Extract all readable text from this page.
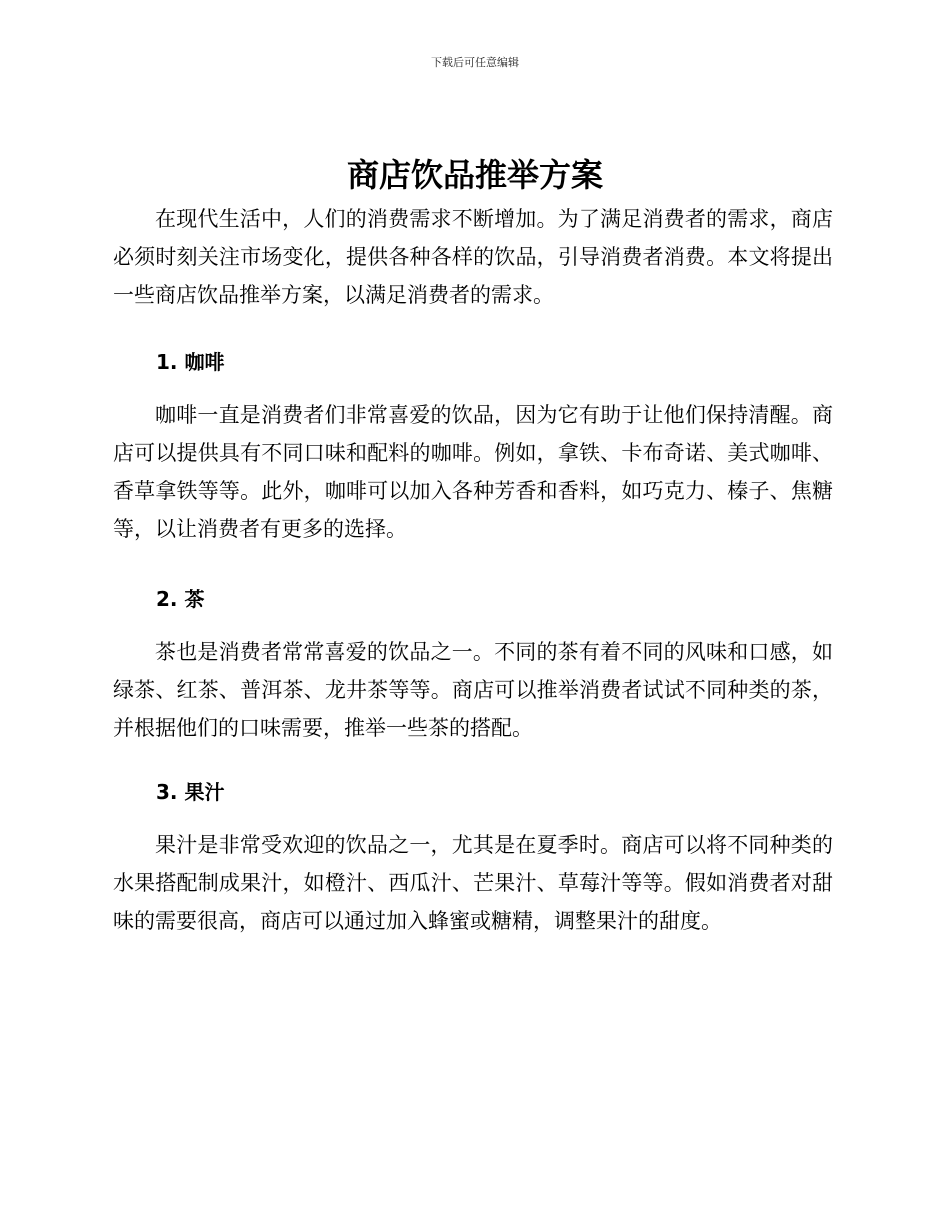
下载后可任意编辑
商店饮品推举方案

在现代生活中，人们的消费需求不断增加。为了满足消费者的需求，商店必须时刻关注市场变化，提供各种各样的饮品，引导消费者消费。本文将提出一些商店饮品推举方案，以满足消费者的需求。

1. 咖啡

咖啡一直是消费者们非常喜爱的饮品，因为它有助于让他们保持清醒。商店可以提供具有不同口味和配料的咖啡。例如，拿铁、卡布奇诺、美式咖啡、香草拿铁等等。此外，咖啡可以加入各种芳香和香料，如巧克力、榛子、焦糖等，以让消费者有更多的选择。

2. 茶

茶也是消费者常常喜爱的饮品之一。不同的茶有着不同的风味和口感，如绿茶、红茶、普洱茶、龙井茶等等。商店可以推举消费者试试不同种类的茶，并根据他们的口味需要，推举一些茶的搭配。

3. 果汁

果汁是非常受欢迎的饮品之一，尤其是在夏季时。商店可以将不同种类的水果搭配制成果汁，如橙汁、西瓜汁、芒果汁、草莓汁等等。假如消费者对甜味的需要很高，商店可以通过加入蜂蜜或糖精，调整果汁的甜度。
